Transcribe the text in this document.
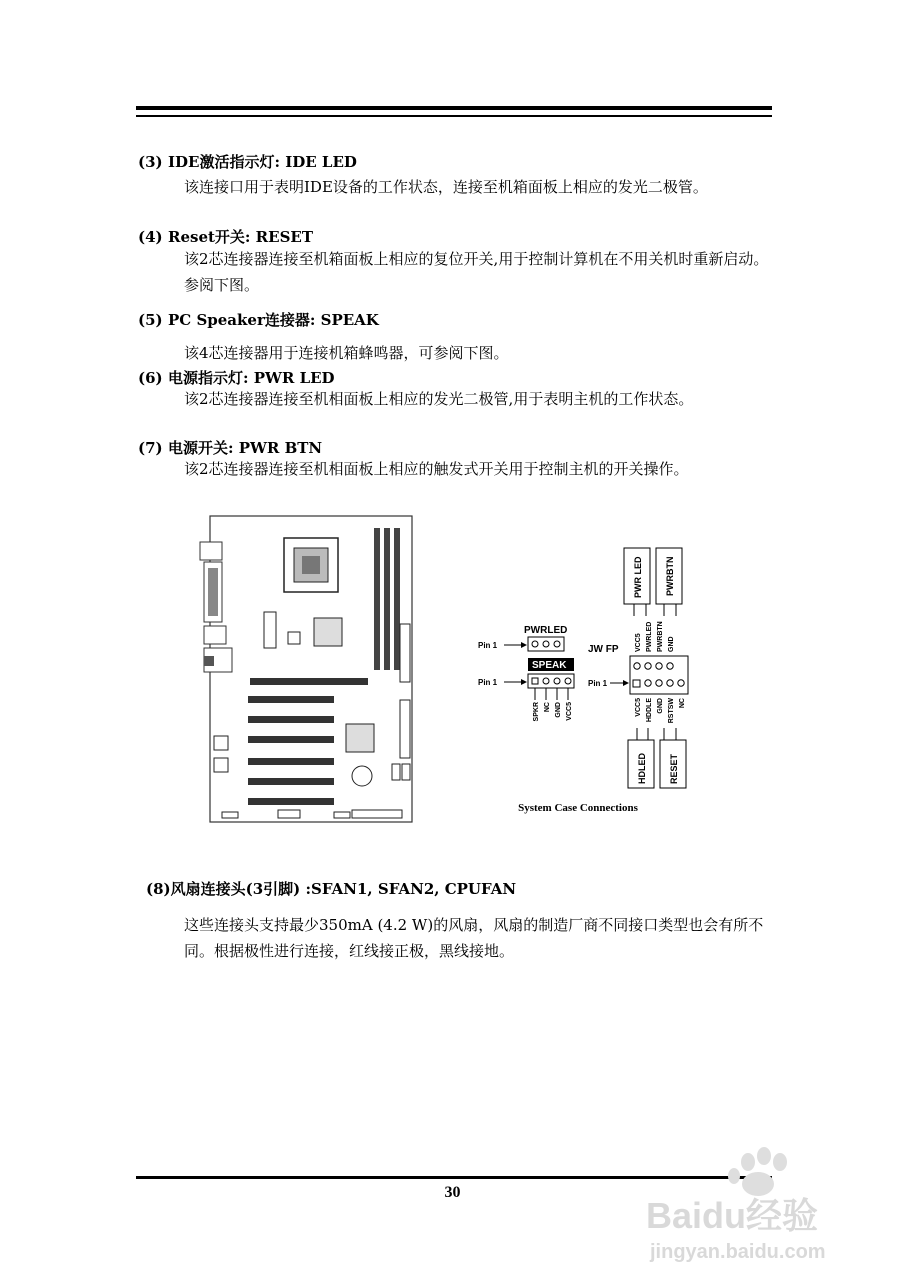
(3) IDE激活指示灯: IDE LED
该连接口用于表明IDE设备的工作状态，连接至机箱面板上相应的发光二极管。
(4) Reset开关: RESET
该2芯连接器连接至机箱面板上相应的复位开关,用于控制计算机在不用关机时重新启动。参阅下图。
(5) PC Speaker连接器: SPEAK
该4芯连接器用于连接机箱蜂鸣器，可参阅下图。
(6) 电源指示灯: PWR LED
该2芯连接器连接至机相面板上相应的发光二极管,用于表明主机的工作状态。
(7) 电源开关: PWR BTN
该2芯连接器连接至机相面板上相应的触发式开关用于控制主机的开关操作。
PWRLED
Pin 1
SPEAK
Pin 1
SPKR NC GND VCC5
PWR LED PWRBTN
VCC5 PWRLED PWRBTN GND
JW FP
Pin 1
VCC5 HDDLE GND RSTSW NC
HDLED RESET
System Case Connections
(8)风扇连接头(3引脚) :SFAN1, SFAN2, CPUFAN
这些连接头支持最少350mA (4.2 W)的风扇，风扇的制造厂商不同接口类型也会有所不同。根据极性进行连接，红线接正极，黑线接地。
30
Baidu经验
jingyan.baidu.com
